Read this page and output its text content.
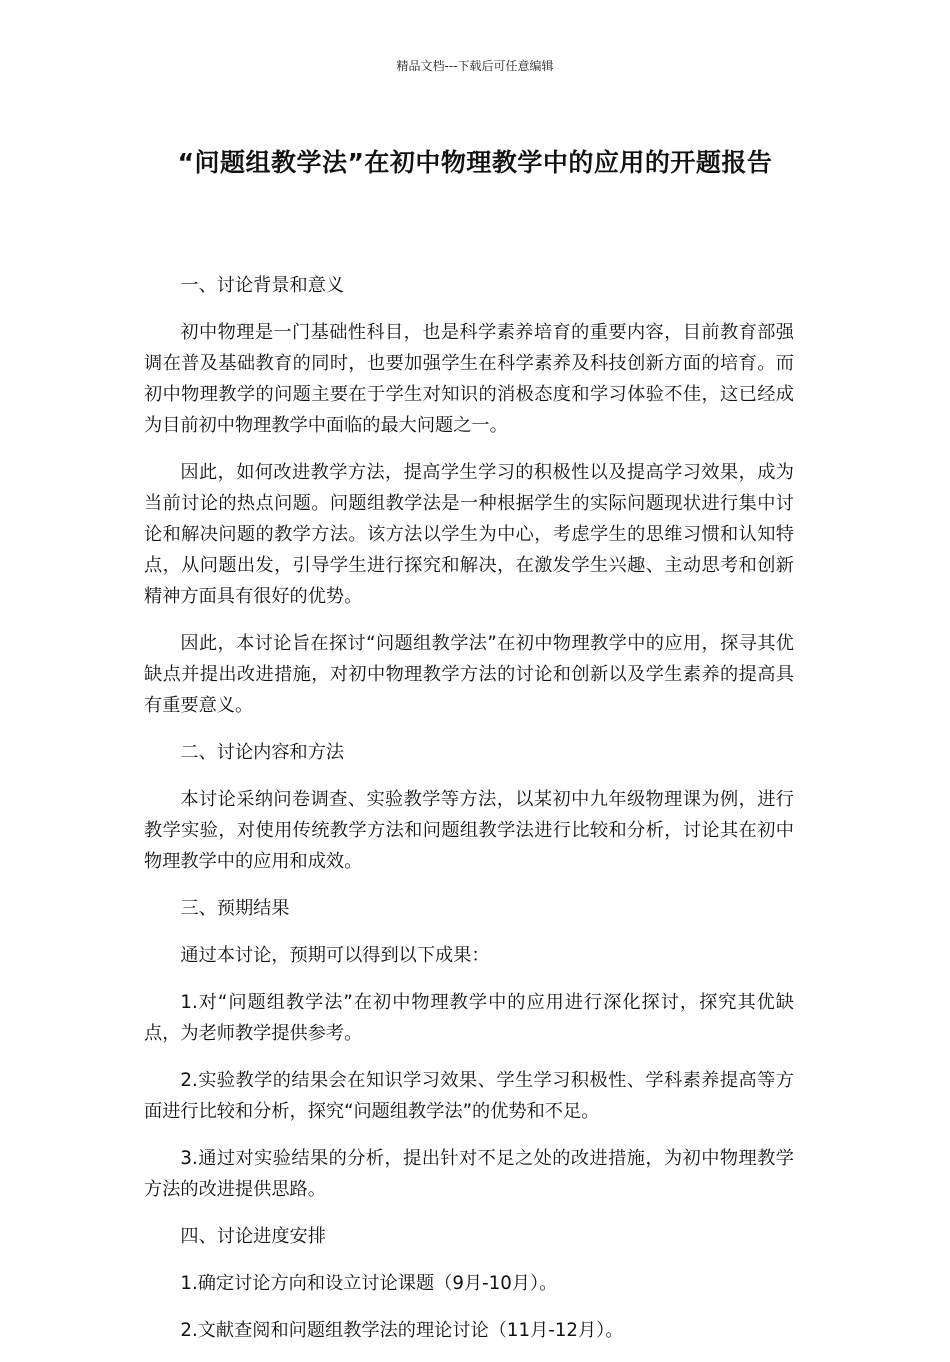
精品文档---下载后可任意编辑
“问题组教学法”在初中物理教学中的应用的开题报告
一、讨论背景和意义
初中物理是一门基础性科目，也是科学素养培育的重要内容，目前教育部强调在普及基础教育的同时，也要加强学生在科学素养及科技创新方面的培育。而初中物理教学的问题主要在于学生对知识的消极态度和学习体验不佳，这已经成为目前初中物理教学中面临的最大问题之一。
因此，如何改进教学方法，提高学生学习的积极性以及提高学习效果，成为当前讨论的热点问题。问题组教学法是一种根据学生的实际问题现状进行集中讨论和解决问题的教学方法。该方法以学生为中心，考虑学生的思维习惯和认知特点，从问题出发，引导学生进行探究和解决，在激发学生兴趣、主动思考和创新精神方面具有很好的优势。
因此，本讨论旨在探讨“问题组教学法”在初中物理教学中的应用，探寻其优缺点并提出改进措施，对初中物理教学方法的讨论和创新以及学生素养的提高具有重要意义。
二、讨论内容和方法
本讨论采纳问卷调查、实验教学等方法，以某初中九年级物理课为例，进行教学实验，对使用传统教学方法和问题组教学法进行比较和分析，讨论其在初中物理教学中的应用和成效。
三、预期结果
通过本讨论，预期可以得到以下成果：
1.对“问题组教学法”在初中物理教学中的应用进行深化探讨，探究其优缺点，为老师教学提供参考。
2.实验教学的结果会在知识学习效果、学生学习积极性、学科素养提高等方面进行比较和分析，探究“问题组教学法”的优势和不足。
3.通过对实验结果的分析，提出针对不足之处的改进措施，为初中物理教学方法的改进提供思路。
四、讨论进度安排
1.确定讨论方向和设立讨论课题（9月-10月）。
2.文献查阅和问题组教学法的理论讨论（11月-12月）。
